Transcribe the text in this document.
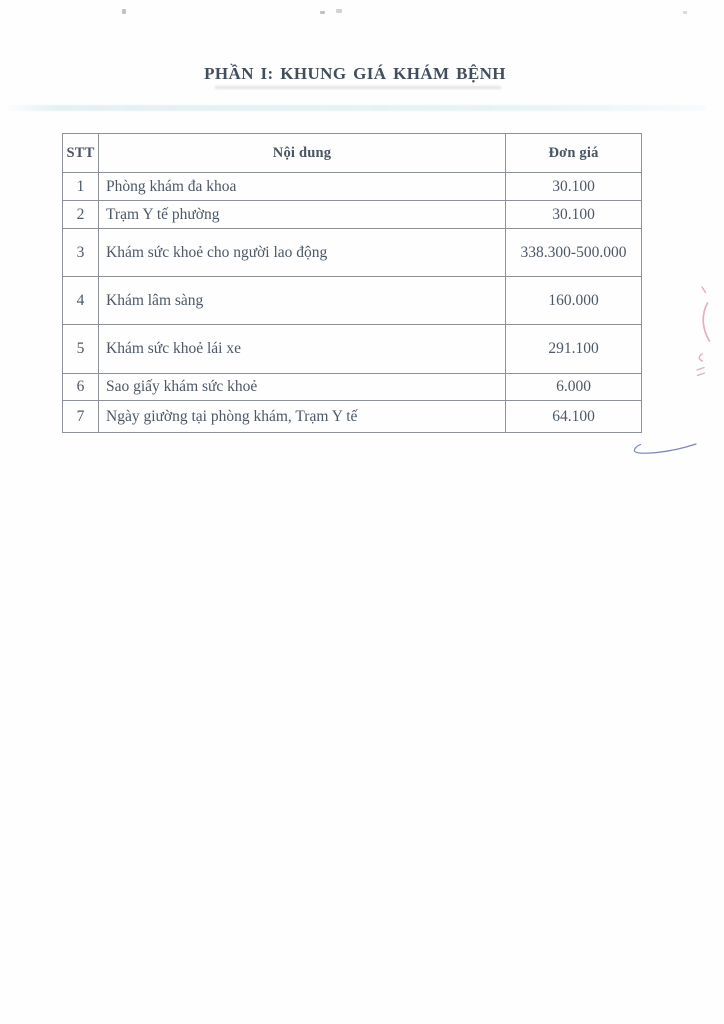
PHẦN I: KHUNG GIÁ KHÁM BỆNH
STT	Nội dung	Đơn giá
1	Phòng khám đa khoa	30.100
2	Trạm Y tế phường	30.100
3	Khám sức khoẻ cho người lao động	338.300-500.000
4	Khám lâm sàng	160.000
5	Khám sức khoẻ lái xe	291.100
6	Sao giấy khám sức khoẻ	6.000
7	Ngày giường tại phòng khám, Trạm Y tế	64.100
